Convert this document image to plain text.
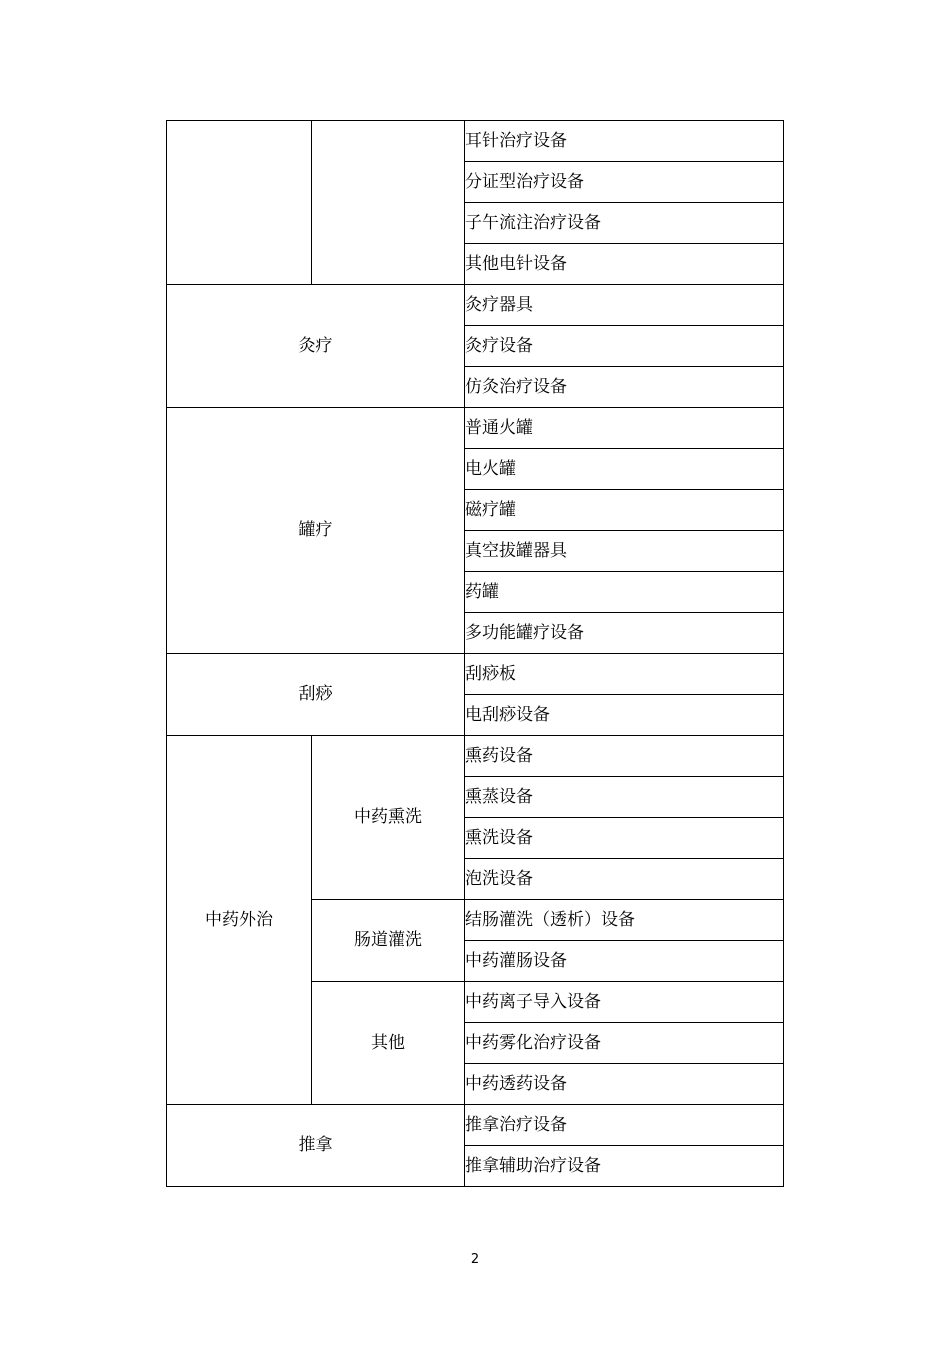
		耳针治疗设备
		分证型治疗设备
		子午流注治疗设备
		其他电针设备
灸疗		灸疗器具
		灸疗设备
		仿灸治疗设备
罐疗		普通火罐
		电火罐
		磁疗罐
		真空拔罐器具
		药罐
		多功能罐疗设备
刮痧		刮痧板
		电刮痧设备
中药外治	中药熏洗	熏药设备
		熏蒸设备
		熏洗设备
		泡洗设备
	肠道灌洗	结肠灌洗（透析）设备
		中药灌肠设备
	其他	中药离子导入设备
		中药雾化治疗设备
		中药透药设备
推拿		推拿治疗设备
		推拿辅助治疗设备
2
